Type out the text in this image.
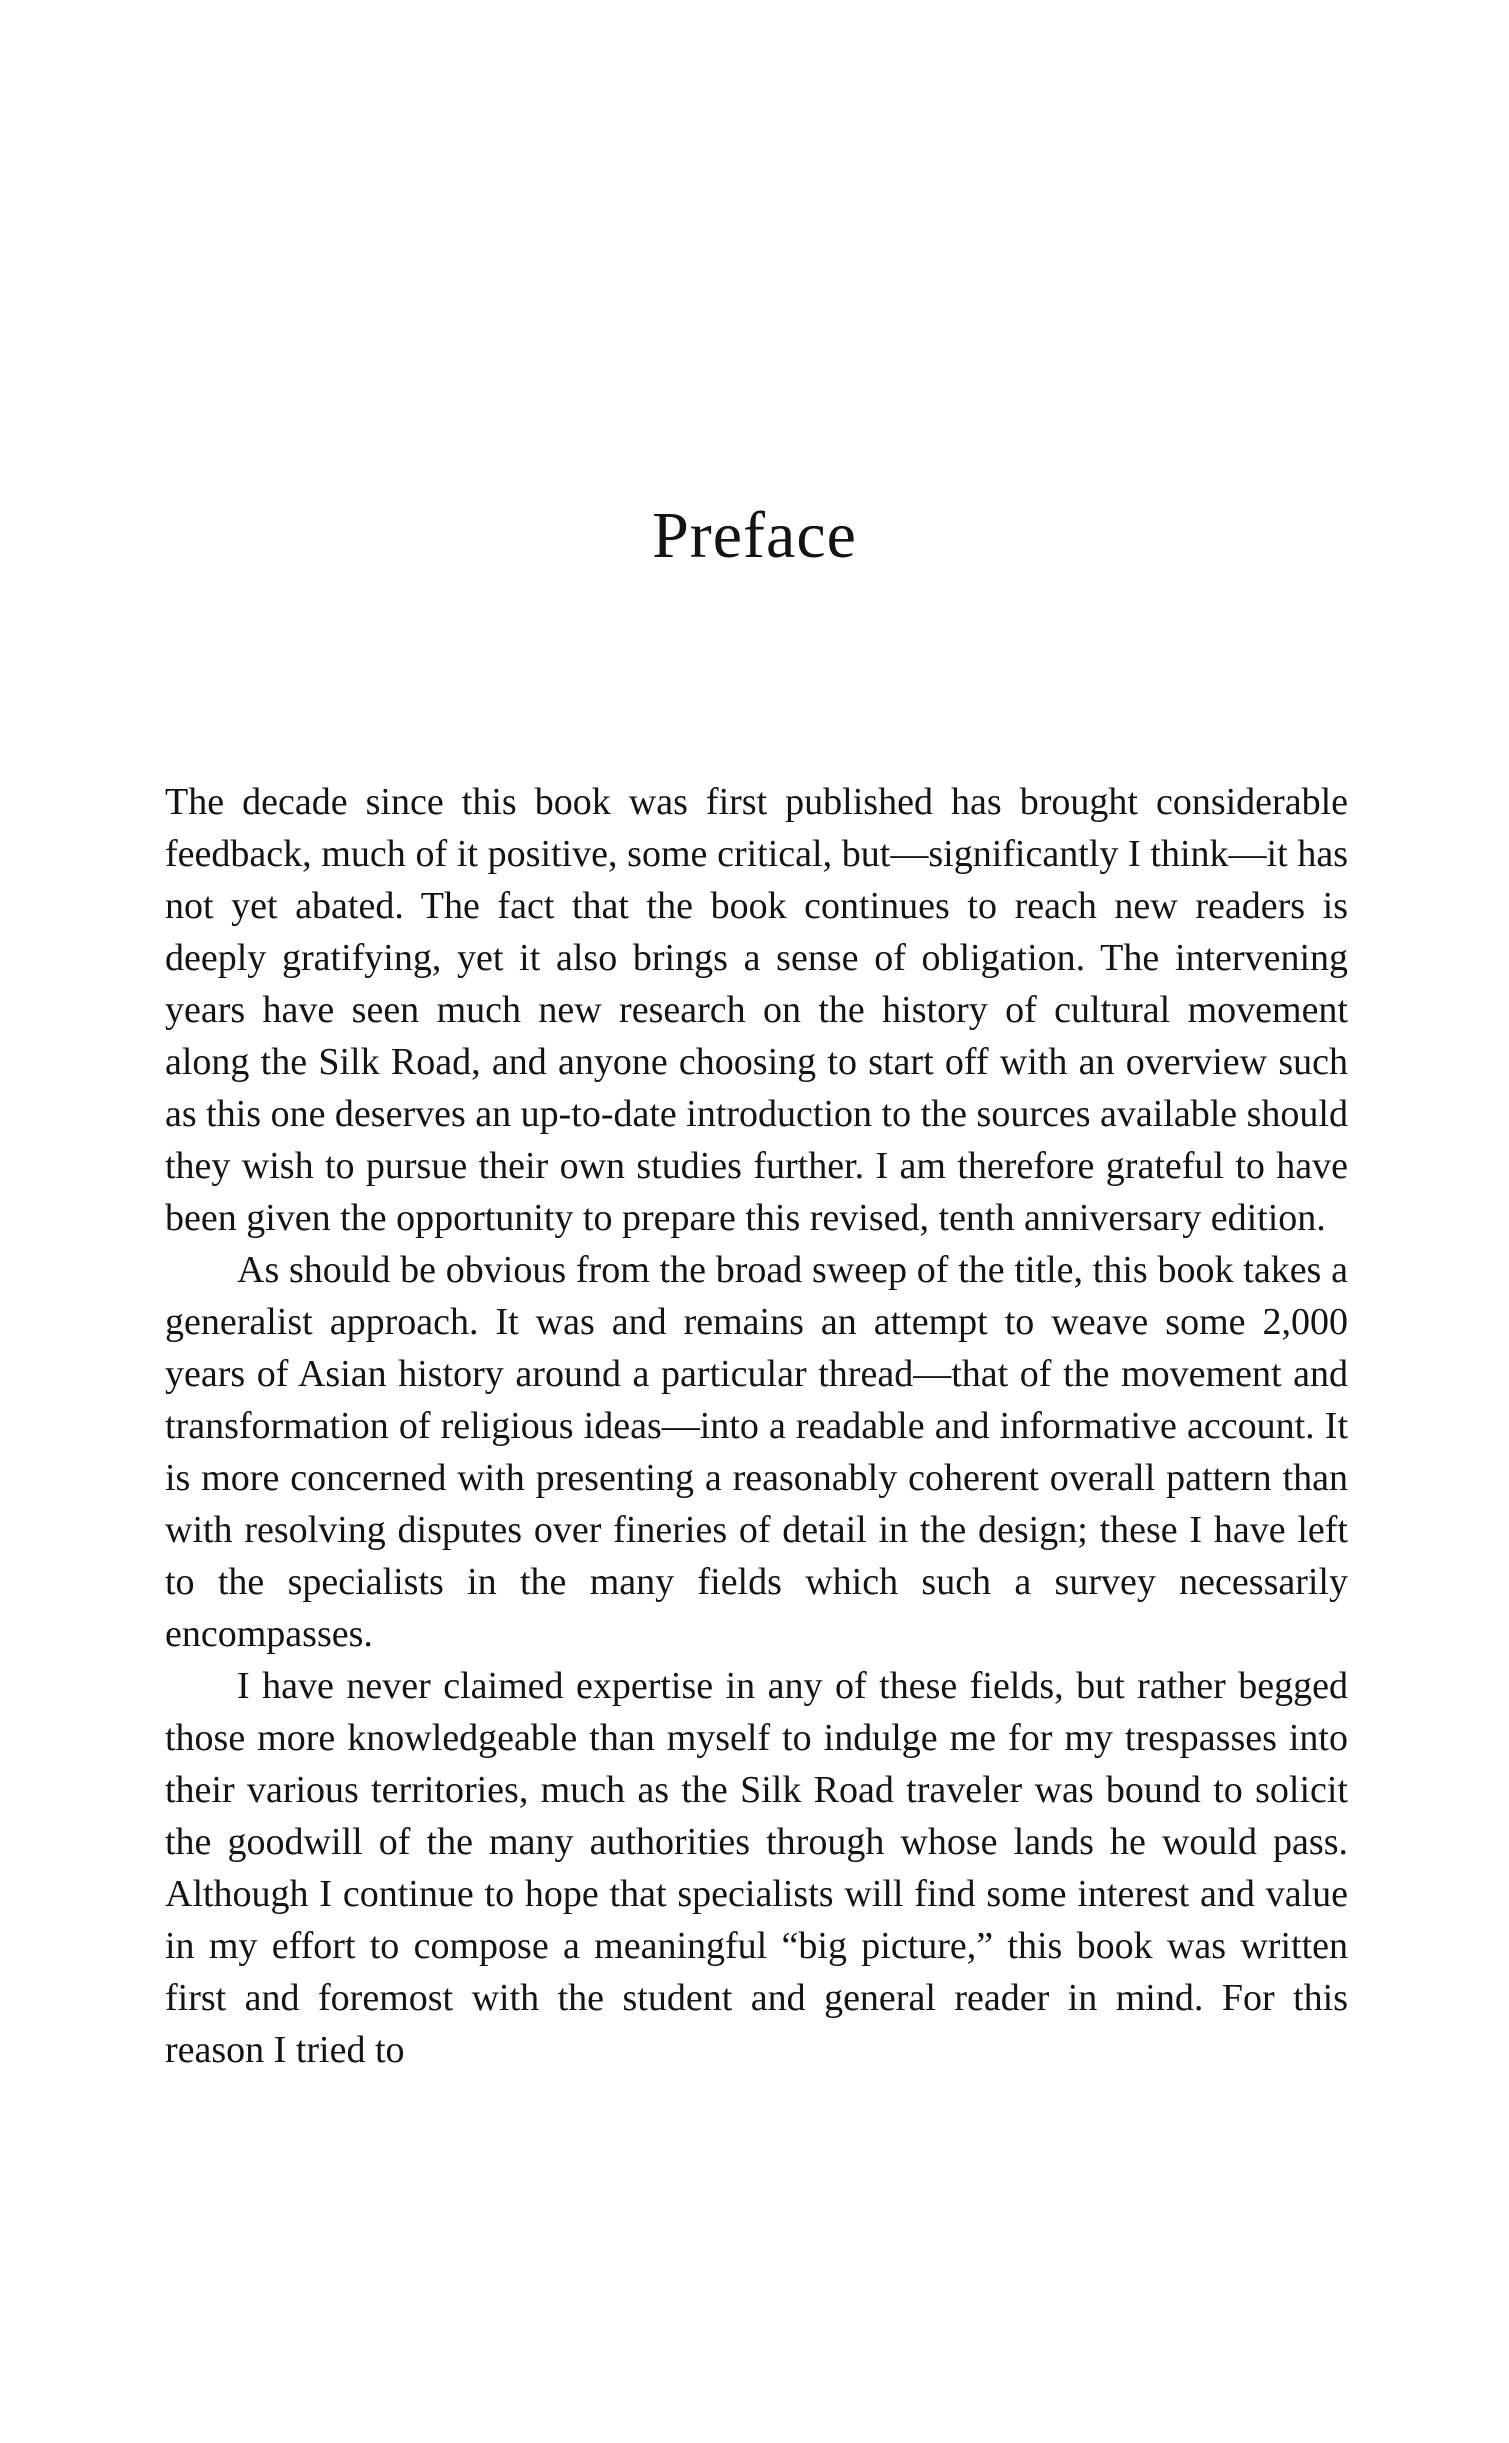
Preface

The decade since this book was first published has brought considerable feedback, much of it positive, some critical, but—significantly I think—it has not yet abated. The fact that the book continues to reach new readers is deeply gratifying, yet it also brings a sense of obligation. The intervening years have seen much new research on the history of cultural movement along the Silk Road, and anyone choosing to start off with an overview such as this one deserves an up-to-date introduction to the sources available should they wish to pursue their own studies further. I am therefore grateful to have been given the opportunity to prepare this revised, tenth anniversary edition.

As should be obvious from the broad sweep of the title, this book takes a generalist approach. It was and remains an attempt to weave some 2,000 years of Asian history around a particular thread—that of the movement and transformation of religious ideas—into a readable and informative account. It is more concerned with presenting a reasonably coherent overall pattern than with resolving disputes over fineries of detail in the design; these I have left to the specialists in the many fields which such a survey necessarily encompasses.

I have never claimed expertise in any of these fields, but rather begged those more knowledgeable than myself to indulge me for my trespasses into their various territories, much as the Silk Road traveler was bound to solicit the goodwill of the many authorities through whose lands he would pass. Although I continue to hope that specialists will find some interest and value in my effort to compose a meaningful “big picture,” this book was written first and foremost with the student and general reader in mind. For this reason I tried to
